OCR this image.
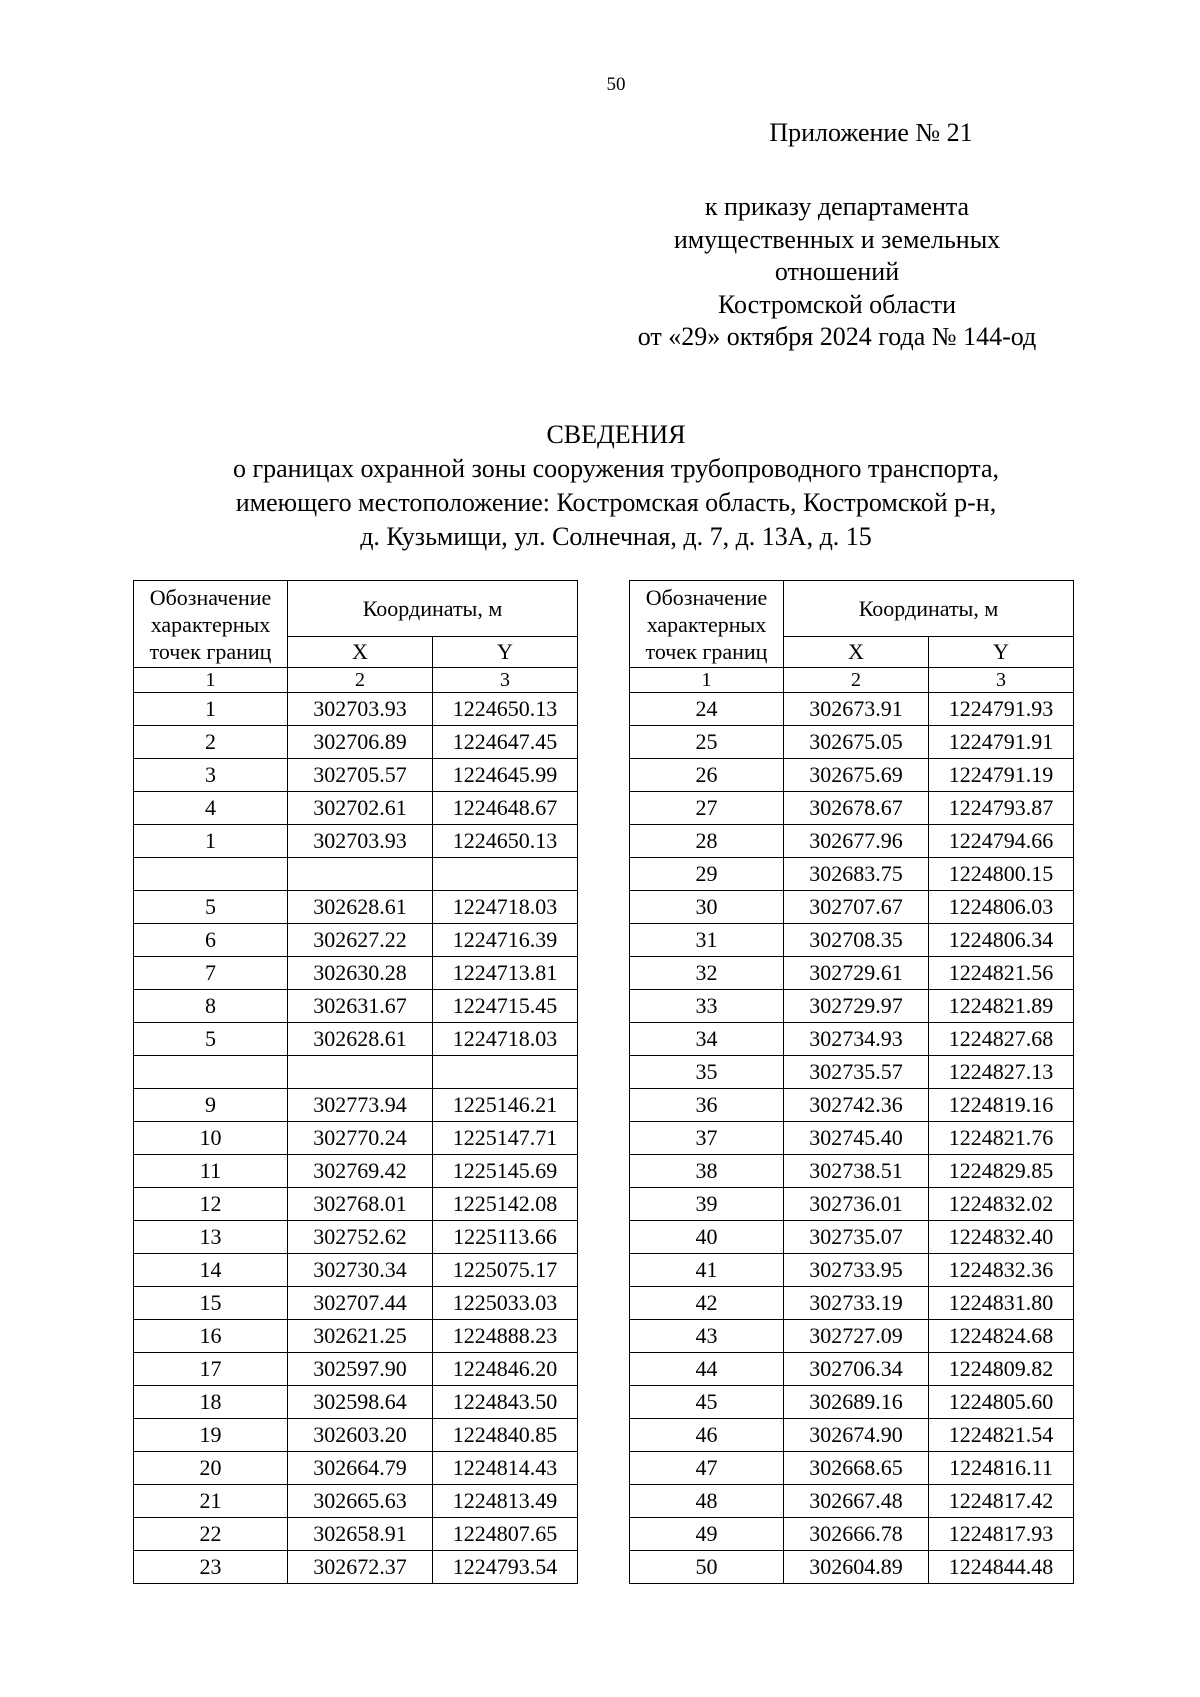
50
Приложение № 21
к приказу департамента
имущественных и земельных
отношений
Костромской области
от «29» октября 2024 года № 144-од
СВЕДЕНИЯ
о границах охранной зоны сооружения трубопроводного транспорта,
имеющего местоположение: Костромская область, Костромской р-н,
д. Кузьмищи, ул. Солнечная, д. 7, д. 13А, д. 15
Обозначение
характерных
точек границ	Координаты, м	
	X	Y
1	2	3
1	302703.93	1224650.13
2	302706.89	1224647.45
3	302705.57	1224645.99
4	302702.61	1224648.67
1	302703.93	1224650.13

5	302628.61	1224718.03
6	302627.22	1224716.39
7	302630.28	1224713.81
8	302631.67	1224715.45
5	302628.61	1224718.03

9	302773.94	1225146.21
10	302770.24	1225147.71
11	302769.42	1225145.69
12	302768.01	1225142.08
13	302752.62	1225113.66
14	302730.34	1225075.17
15	302707.44	1225033.03
16	302621.25	1224888.23
17	302597.90	1224846.20
18	302598.64	1224843.50
19	302603.20	1224840.85
20	302664.79	1224814.43
21	302665.63	1224813.49
22	302658.91	1224807.65
23	302672.37	1224793.54
Обозначение
характерных
точек границ	Координаты, м	
	X	Y
1	2	3
24	302673.91	1224791.93
25	302675.05	1224791.91
26	302675.69	1224791.19
27	302678.67	1224793.87
28	302677.96	1224794.66
29	302683.75	1224800.15
30	302707.67	1224806.03
31	302708.35	1224806.34
32	302729.61	1224821.56
33	302729.97	1224821.89
34	302734.93	1224827.68
35	302735.57	1224827.13
36	302742.36	1224819.16
37	302745.40	1224821.76
38	302738.51	1224829.85
39	302736.01	1224832.02
40	302735.07	1224832.40
41	302733.95	1224832.36
42	302733.19	1224831.80
43	302727.09	1224824.68
44	302706.34	1224809.82
45	302689.16	1224805.60
46	302674.90	1224821.54
47	302668.65	1224816.11
48	302667.48	1224817.42
49	302666.78	1224817.93
50	302604.89	1224844.48
